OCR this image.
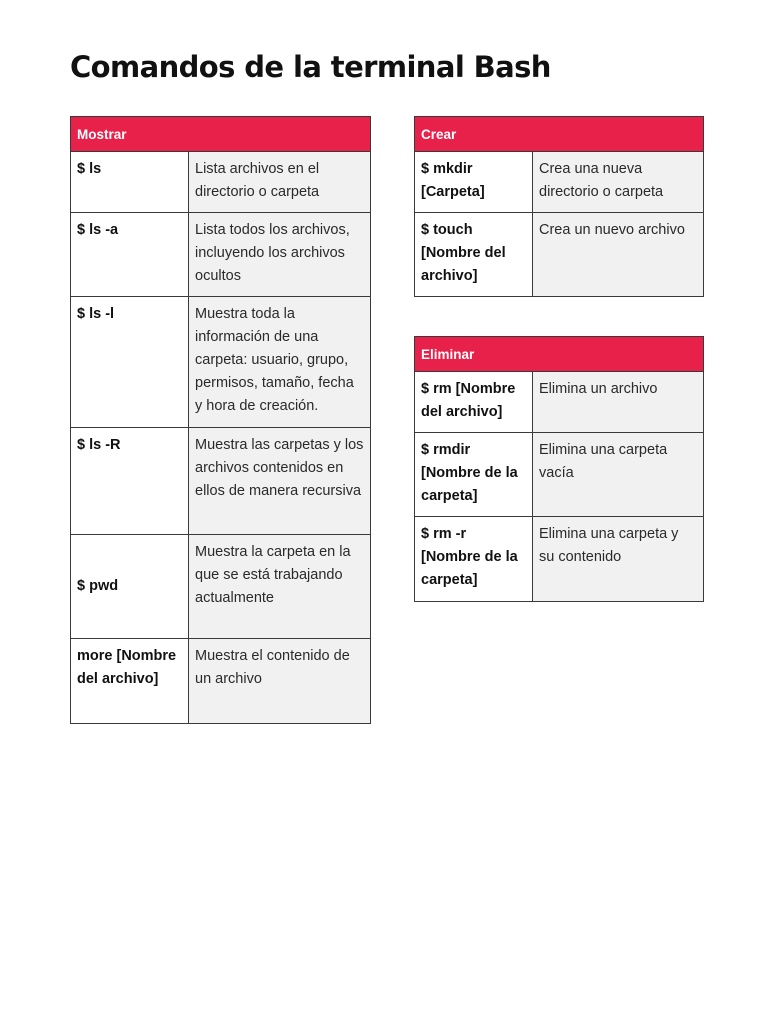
Comandos de la terminal Bash
Mostrar	
$ ls	Lista archivos en el directorio o carpeta
$ ls -a	Lista todos los archivos, incluyendo los archivos ocultos
$ ls -l	Muestra toda la información de una carpeta: usuario, grupo, permisos, tamaño, fecha y hora de creación.
$ ls -R	Muestra las carpetas y los archivos contenidos en ellos de manera recursiva
$ pwd	Muestra la carpeta en la que se está trabajando actualmente
more [Nombre del archivo]	Muestra el contenido de un archivo
Crear	
$ mkdir [Carpeta]	Crea una nueva directorio o carpeta
$ touch [Nombre del archivo]	Crea un nuevo archivo
Eliminar	
$ rm [Nombre del archivo]	Elimina un archivo
$ rmdir [Nombre de la carpeta]	Elimina una carpeta vacía
$ rm -r [Nombre de la carpeta]	Elimina una carpeta y su contenido
